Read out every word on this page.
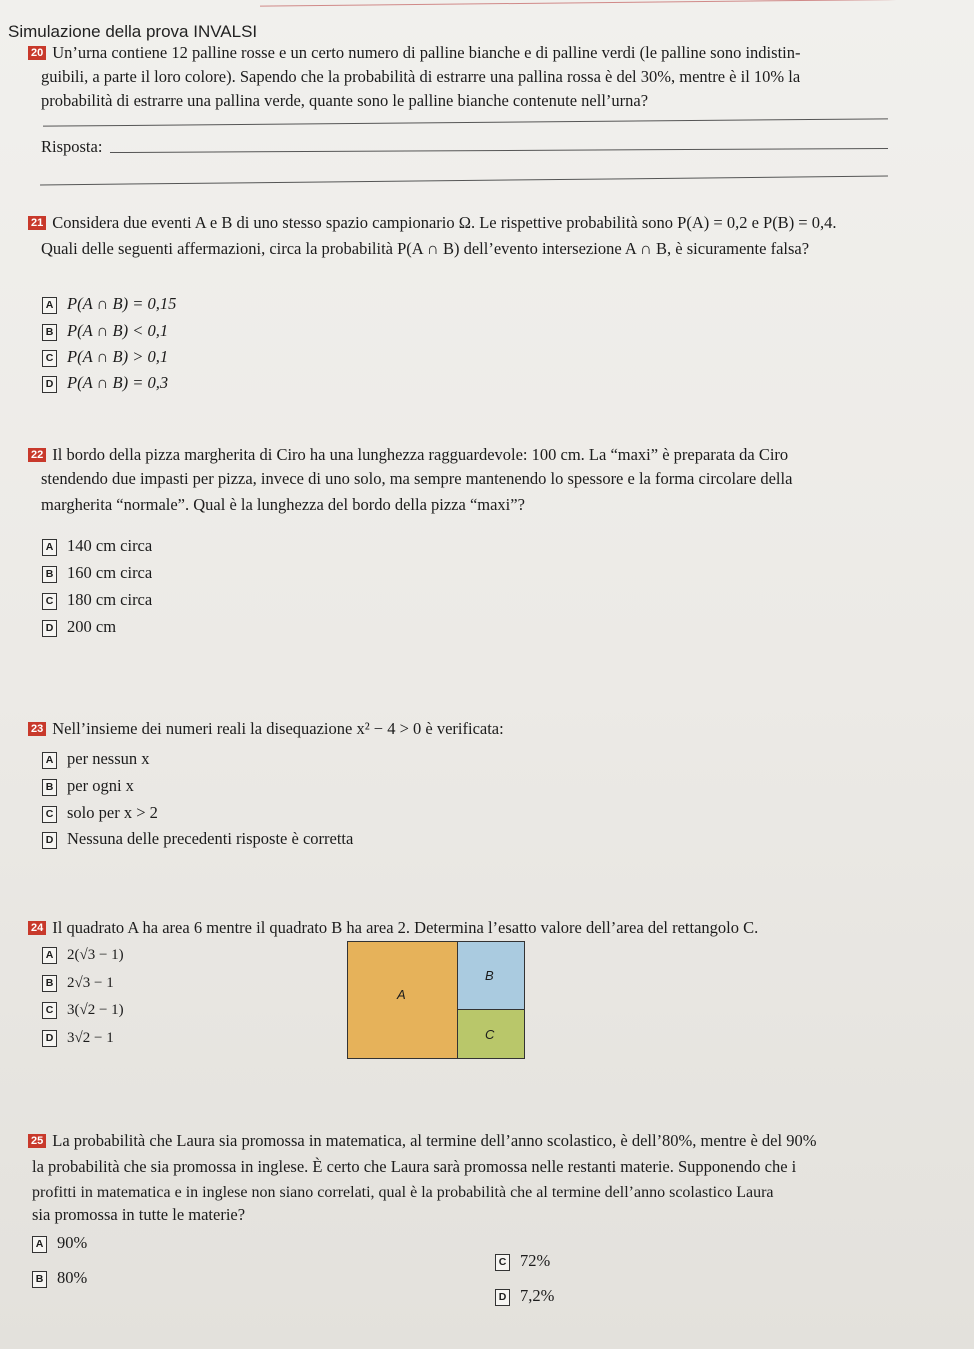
Simulazione della prova INVALSI
20 Un’urna contiene 12 palline rosse e un certo numero di palline bianche e di palline verdi (le palline sono indistin-
guibili, a parte il loro colore). Sapendo che la probabilità di estrarre una pallina rossa è del 30%, mentre è il 10% la
probabilità di estrarre una pallina verde, quante sono le palline bianche contenute nell’urna?
Risposta:
21 Considera due eventi A e B di uno stesso spazio campionario Ω. Le rispettive probabilità sono P(A) = 0,2 e P(B) = 0,4.
Quali delle seguenti affermazioni, circa la probabilità P(A ∩ B) dell’evento intersezione A ∩ B, è sicuramente falsa?
A P(A ∩ B) = 0,15
B P(A ∩ B) < 0,1
C P(A ∩ B) > 0,1
D P(A ∩ B) = 0,3
22 Il bordo della pizza margherita di Ciro ha una lunghezza ragguardevole: 100 cm. La “maxi” è preparata da Ciro
stendendo due impasti per pizza, invece di uno solo, ma sempre mantenendo lo spessore e la forma circolare della
margherita “normale”. Qual è la lunghezza del bordo della pizza “maxi”?
A 140 cm circa
B 160 cm circa
C 180 cm circa
D 200 cm
23 Nell’insieme dei numeri reali la disequazione x² − 4 > 0 è verificata:
A per nessun x
B per ogni x
C solo per x > 2
D Nessuna delle precedenti risposte è corretta
24 Il quadrato A ha area 6 mentre il quadrato B ha area 2. Determina l’esatto valore dell’area del rettangolo C.
A 2(√3 − 1)
B 2√3 − 1
C 3(√2 − 1)
D 3√2 − 1
A
B
C
25 La probabilità che Laura sia promossa in matematica, al termine dell’anno scolastico, è dell’80%, mentre è del 90%
la probabilità che sia promossa in inglese. È certo che Laura sarà promossa nelle restanti materie. Supponendo che i
profitti in matematica e in inglese non siano correlati, qual è la probabilità che al termine dell’anno scolastico Laura
sia promossa in tutte le materie?
A 90%
B 80%
C 72%
D 7,2%
